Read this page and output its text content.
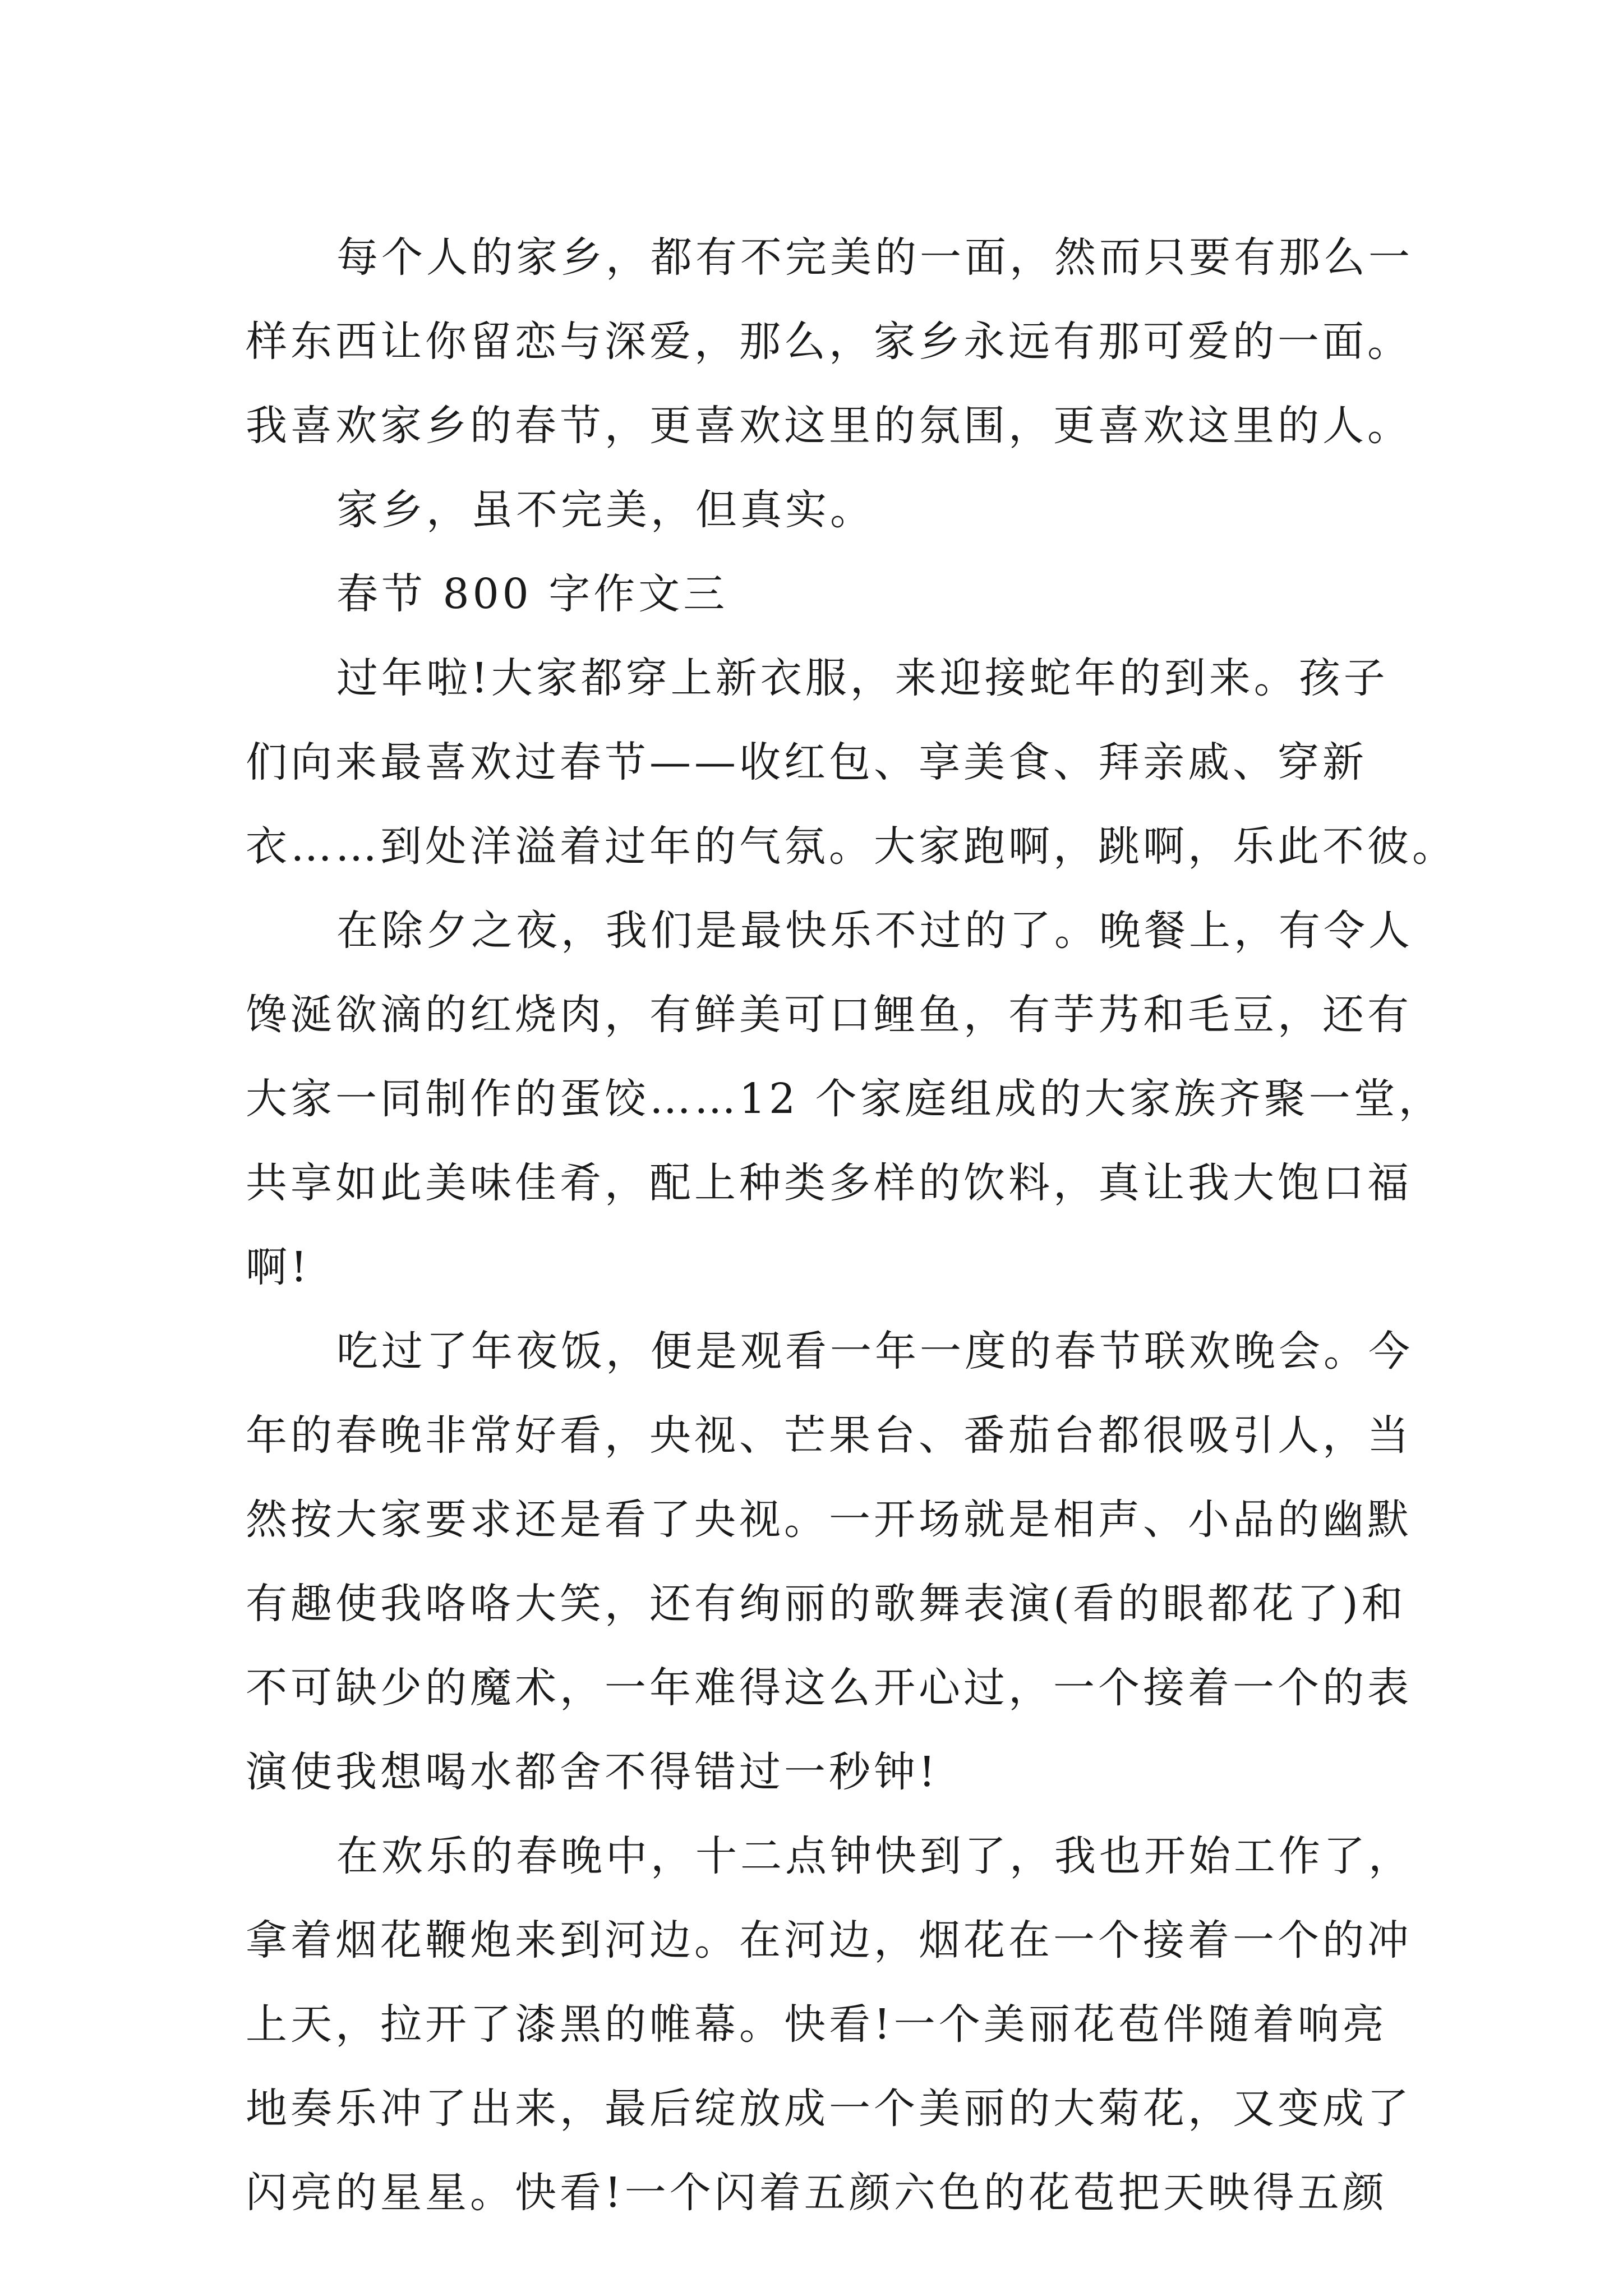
每个人的家乡，都有不完美的一面，然而只要有那么一
样东西让你留恋与深爱，那么，家乡永远有那可爱的一面。
我喜欢家乡的春节，更喜欢这里的氛围，更喜欢这里的人。
家乡，虽不完美，但真实。
春节 800 字作文三
过年啦!大家都穿上新衣服，来迎接蛇年的到来。孩子
们向来最喜欢过春节——收红包、享美食、拜亲戚、穿新
衣……到处洋溢着过年的气氛。大家跑啊，跳啊，乐此不彼。
在除夕之夜，我们是最快乐不过的了。晚餐上，有令人
馋涎欲滴的红烧肉，有鲜美可口鲤鱼，有芋艿和毛豆，还有
大家一同制作的蛋饺……12 个家庭组成的大家族齐聚一堂，
共享如此美味佳肴，配上种类多样的饮料，真让我大饱口福
啊!
吃过了年夜饭，便是观看一年一度的春节联欢晚会。今
年的春晚非常好看，央视、芒果台、番茄台都很吸引人，当
然按大家要求还是看了央视。一开场就是相声、小品的幽默
有趣使我咯咯大笑，还有绚丽的歌舞表演(看的眼都花了)和
不可缺少的魔术，一年难得这么开心过，一个接着一个的表
演使我想喝水都舍不得错过一秒钟!
在欢乐的春晚中，十二点钟快到了，我也开始工作了，
拿着烟花鞭炮来到河边。在河边，烟花在一个接着一个的冲
上天，拉开了漆黑的帷幕。快看!一个美丽花苞伴随着响亮
地奏乐冲了出来，最后绽放成一个美丽的大菊花，又变成了
闪亮的星星。快看!一个闪着五颜六色的花苞把天映得五颜
